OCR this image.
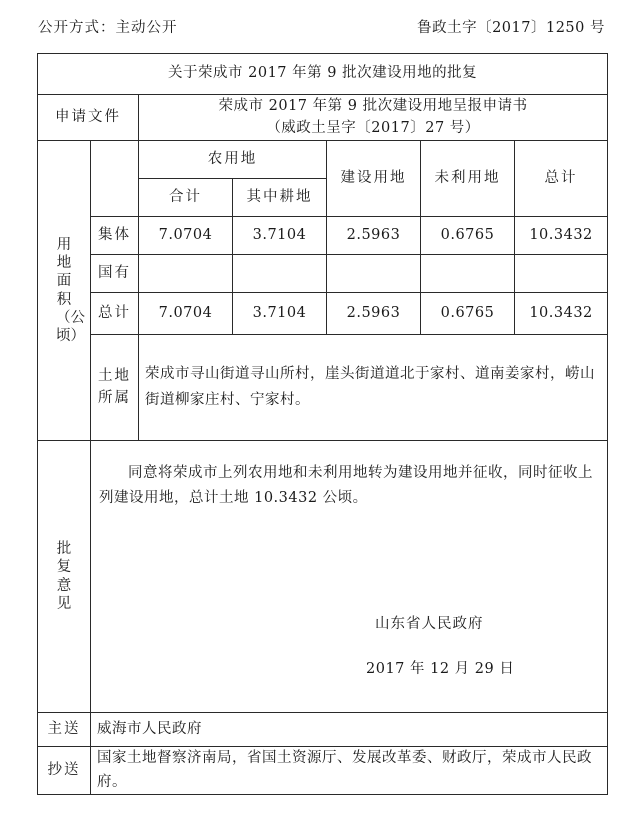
公开方式：主动公开	鲁政土字〔2017〕1250 号
关于荣成市 2017 年第 9 批次建设用地的批复						
申请文件		荣成市 2017 年第 9 批次建设用地呈报申请书
（威政土呈字〔2017〕27 号）				

用地面积（公顷）		农用地		建设用地	未利用地	总计
		合计	其中耕地			
	集体	7.0704	3.7104	2.5963	0.6765	10.3432
	国有					
	总计	7.0704	3.7104	2.5963	0.6765	10.3432

	土地
所属	荣成市寻山街道寻山所村，崖头街道道北于家村、道南姜家村，崂山街道柳家庄村、宁家村。				

批复意见	同意将荣成市上列农用地和未利用地转为建设用地并征收，同时征收上列建设用地，总计土地 10.3432 公顷。
山东省人民政府
2017 年 12 月 29 日					

主送	威海市人民政府					
抄送	国家土地督察济南局，省国土资源厅、发展改革委、财政厅，荣成市人民政府。					
